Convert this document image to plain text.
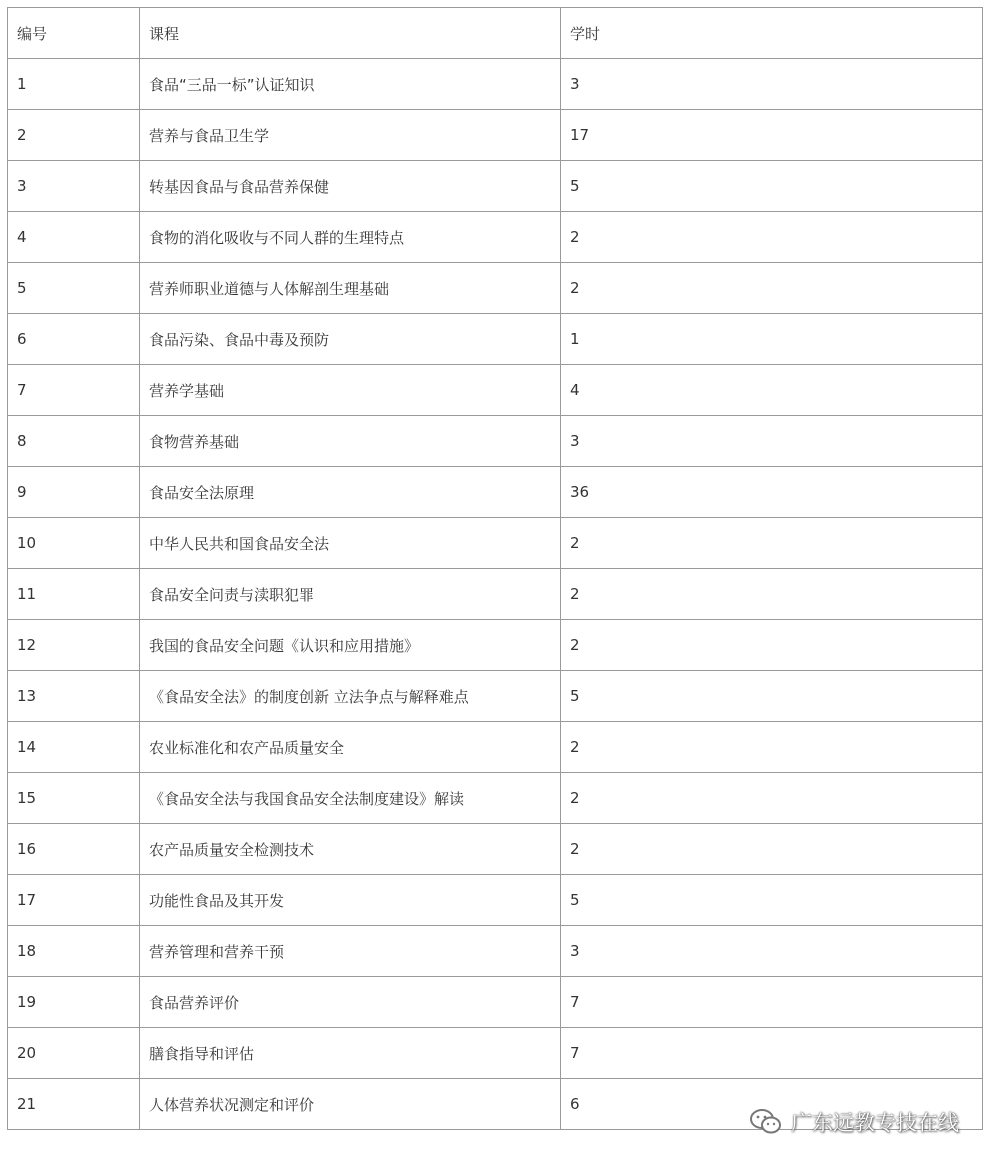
编号	课程	学时
1	食品“三品一标”认证知识	3
2	营养与食品卫生学	17
3	转基因食品与食品营养保健	5
4	食物的消化吸收与不同人群的生理特点	2
5	营养师职业道德与人体解剖生理基础	2
6	食品污染、食品中毒及预防	1
7	营养学基础	4
8	食物营养基础	3
9	食品安全法原理	36
10	中华人民共和国食品安全法	2
11	食品安全问责与渎职犯罪	2
12	我国的食品安全问题《认识和应用措施》	2
13	《食品安全法》的制度创新 立法争点与解释难点	5
14	农业标准化和农产品质量安全	2
15	《食品安全法与我国食品安全法制度建设》解读	2
16	农产品质量安全检测技术	2
17	功能性食品及其开发	5
18	营养管理和营养干预	3
19	食品营养评价	7
20	膳食指导和评估	7
21	人体营养状况测定和评价	6
广东远教专技在线
